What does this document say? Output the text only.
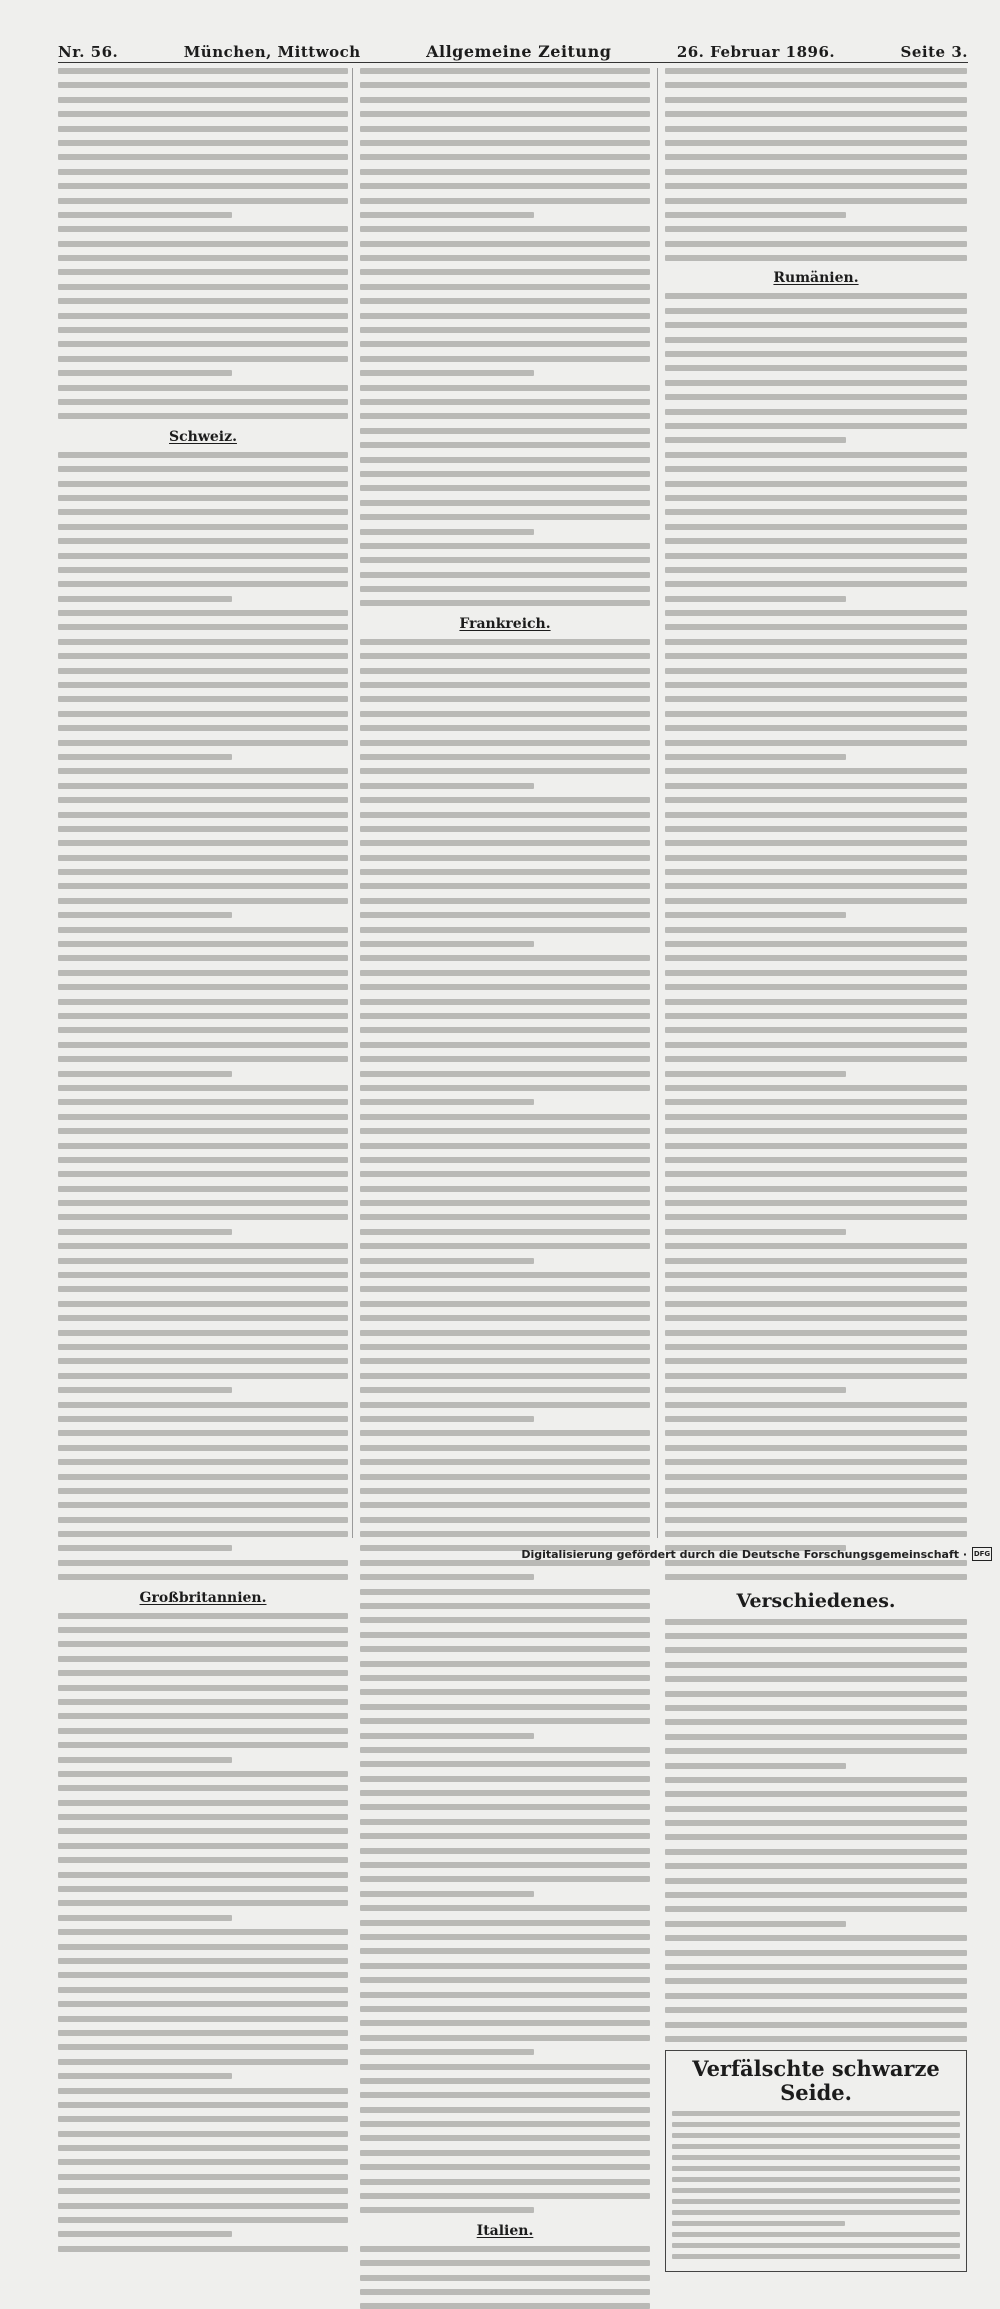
Nr. 56.	München, Mittwoch	Allgemeine Zeitung	26. Februar 1896.	Seite 3.
Schweiz.
Großbritannien.
Frankreich.
Italien.
Rumänien.
Verschiedenes.
Verfälschte schwarze Seide.
Digitalisierung gefördert durch die Deutsche Forschungsgemeinschaft · DFG
